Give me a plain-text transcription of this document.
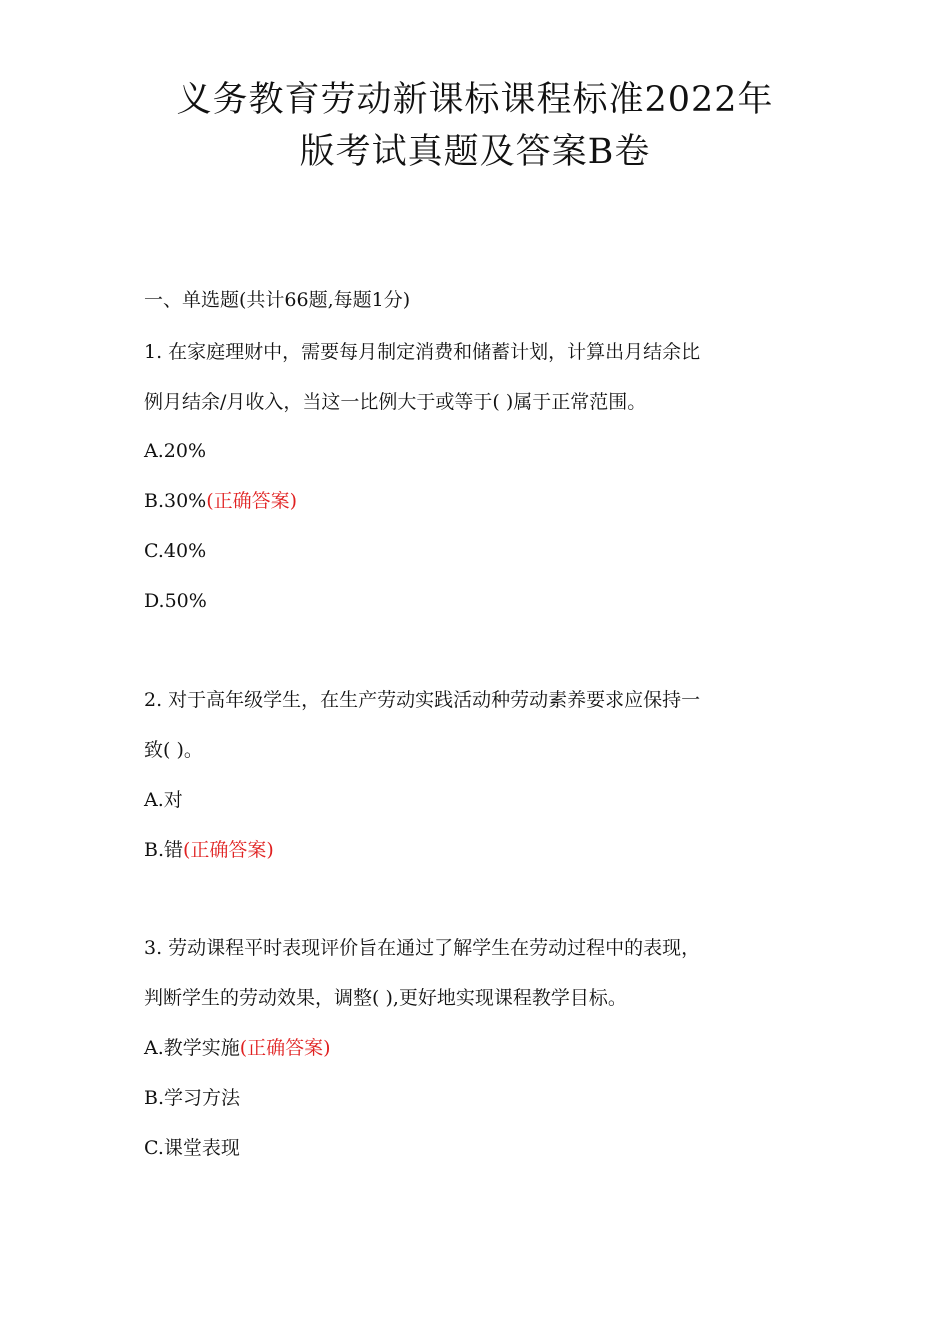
义务教育劳动新课标课程标准2022年
版考试真题及答案B卷
一、单选题(共计66题,每题1分)
1. 在家庭理财中，需要每月制定消费和储蓄计划，计算出月结余比
例月结余/月收入，当这一比例大于或等于( )属于正常范围。
A.20%
B.30%(正确答案)
C.40%
D.50%
2. 对于高年级学生，在生产劳动实践活动种劳动素养要求应保持一
致( )。
A.对
B.错(正确答案)
3. 劳动课程平时表现评价旨在通过了解学生在劳动过程中的表现，
判断学生的劳动效果，调整( ),更好地实现课程教学目标。
A.教学实施(正确答案)
B.学习方法
C.课堂表现
